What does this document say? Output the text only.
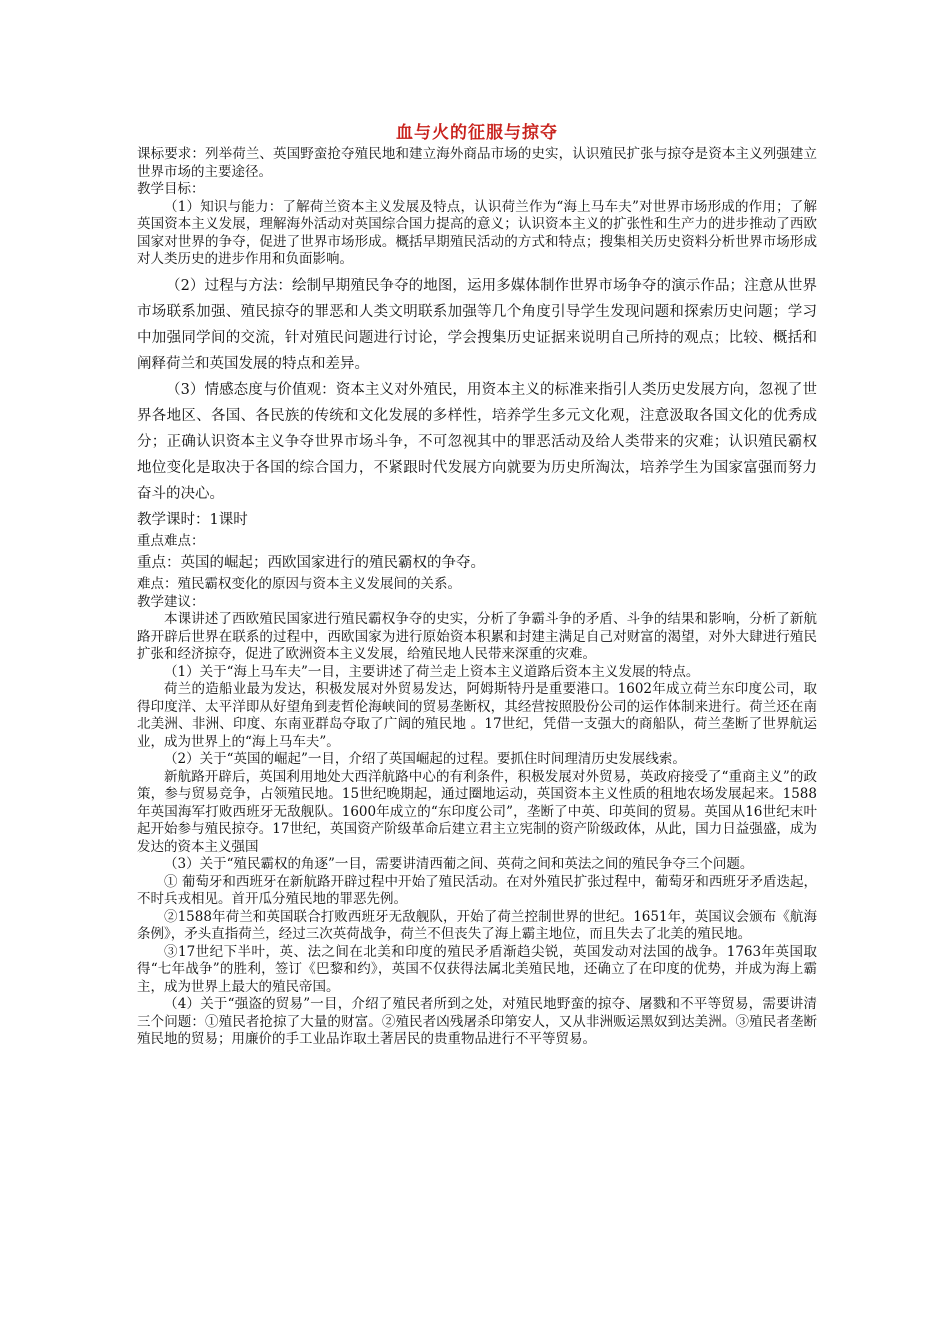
血与火的征服与掠夺

课标要求：列举荷兰、英国野蛮抢夺殖民地和建立海外商品市场的史实，认识殖民扩张与掠夺是资本主义列强建立世界市场的主要途径。

教学目标：

（1）知识与能力：了解荷兰资本主义发展及特点，认识荷兰作为“海上马车夫”对世界市场形成的作用；了解英国资本主义发展，理解海外活动对英国综合国力提高的意义；认识资本主义的扩张性和生产力的进步推动了西欧国家对世界的争夺，促进了世界市场形成。概括早期殖民活动的方式和特点；搜集相关历史资料分析世界市场形成对人类历史的进步作用和负面影响。

（2）过程与方法：绘制早期殖民争夺的地图，运用多媒体制作世界市场争夺的演示作品；注意从世界市场联系加强、殖民掠夺的罪恶和人类文明联系加强等几个角度引导学生发现问题和探索历史问题；学习中加强同学间的交流，针对殖民问题进行讨论，学会搜集历史证据来说明自己所持的观点；比较、概括和阐释荷兰和英国发展的特点和差异。

（3）情感态度与价值观：资本主义对外殖民，用资本主义的标准来指引人类历史发展方向，忽视了世界各地区、各国、各民族的传统和文化发展的多样性，培养学生多元文化观，注意汲取各国文化的优秀成分；正确认识资本主义争夺世界市场斗争，不可忽视其中的罪恶活动及给人类带来的灾难；认识殖民霸权地位变化是取决于各国的综合国力，不紧跟时代发展方向就要为历史所淘汰，培养学生为国家富强而努力奋斗的决心。

教学课时：1课时

重点难点：

重点：英国的崛起；西欧国家进行的殖民霸权的争夺。

难点：殖民霸权变化的原因与资本主义发展间的关系。

教学建议：

本课讲述了西欧殖民国家进行殖民霸权争夺的史实，分析了争霸斗争的矛盾、斗争的结果和影响，分析了新航路开辟后世界在联系的过程中，西欧国家为进行原始资本积累和封建主满足自己对财富的渴望，对外大肆进行殖民扩张和经济掠夺，促进了欧洲资本主义发展，给殖民地人民带来深重的灾难。

（1）关于“海上马车夫”一目，主要讲述了荷兰走上资本主义道路后资本主义发展的特点。

荷兰的造船业最为发达，积极发展对外贸易发达，阿姆斯特丹是重要港口。1602年成立荷兰东印度公司，取得印度洋、太平洋即从好望角到麦哲伦海峡间的贸易垄断权，其经营按照股份公司的运作体制来进行。荷兰还在南北美洲、非洲、印度、东南亚群岛夺取了广阔的殖民地 。17世纪，凭借一支强大的商船队，荷兰垄断了世界航运业，成为世界上的“海上马车夫”。

（2）关于“英国的崛起”一目，介绍了英国崛起的过程。要抓住时间理清历史发展线索。

新航路开辟后，英国利用地处大西洋航路中心的有利条件，积极发展对外贸易，英政府接受了“重商主义”的政策，参与贸易竞争，占领殖民地。15世纪晚期起，通过圈地运动，英国资本主义性质的租地农场发展起来。1588年英国海军打败西班牙无敌舰队。1600年成立的“东印度公司”，垄断了中英、印英间的贸易。英国从16世纪末叶起开始参与殖民掠夺。17世纪，英国资产阶级革命后建立君主立宪制的资产阶级政体，从此，国力日益强盛，成为发达的资本主义强国

（3）关于“殖民霸权的角逐”一目，需要讲清西葡之间、英荷之间和英法之间的殖民争夺三个问题。

① 葡萄牙和西班牙在新航路开辟过程中开始了殖民活动。在对外殖民扩张过程中，葡萄牙和西班牙矛盾迭起，不时兵戎相见。首开瓜分殖民地的罪恶先例。

②1588年荷兰和英国联合打败西班牙无敌舰队，开始了荷兰控制世界的世纪。1651年，英国议会颁布《航海条例》，矛头直指荷兰，经过三次英荷战争，荷兰不但丧失了海上霸主地位，而且失去了北美的殖民地。

③17世纪下半叶，英、法之间在北美和印度的殖民矛盾渐趋尖锐，英国发动对法国的战争。1763年英国取得“七年战争”的胜利，签订《巴黎和约》，英国不仅获得法属北美殖民地，还确立了在印度的优势，并成为海上霸主，成为世界上最大的殖民帝国。

（4）关于“强盗的贸易”一目，介绍了殖民者所到之处，对殖民地野蛮的掠夺、屠戮和不平等贸易，需要讲清三个问题：①殖民者抢掠了大量的财富。②殖民者凶残屠杀印第安人，又从非洲贩运黑奴到达美洲。③殖民者垄断殖民地的贸易；用廉价的手工业品诈取土著居民的贵重物品进行不平等贸易。
